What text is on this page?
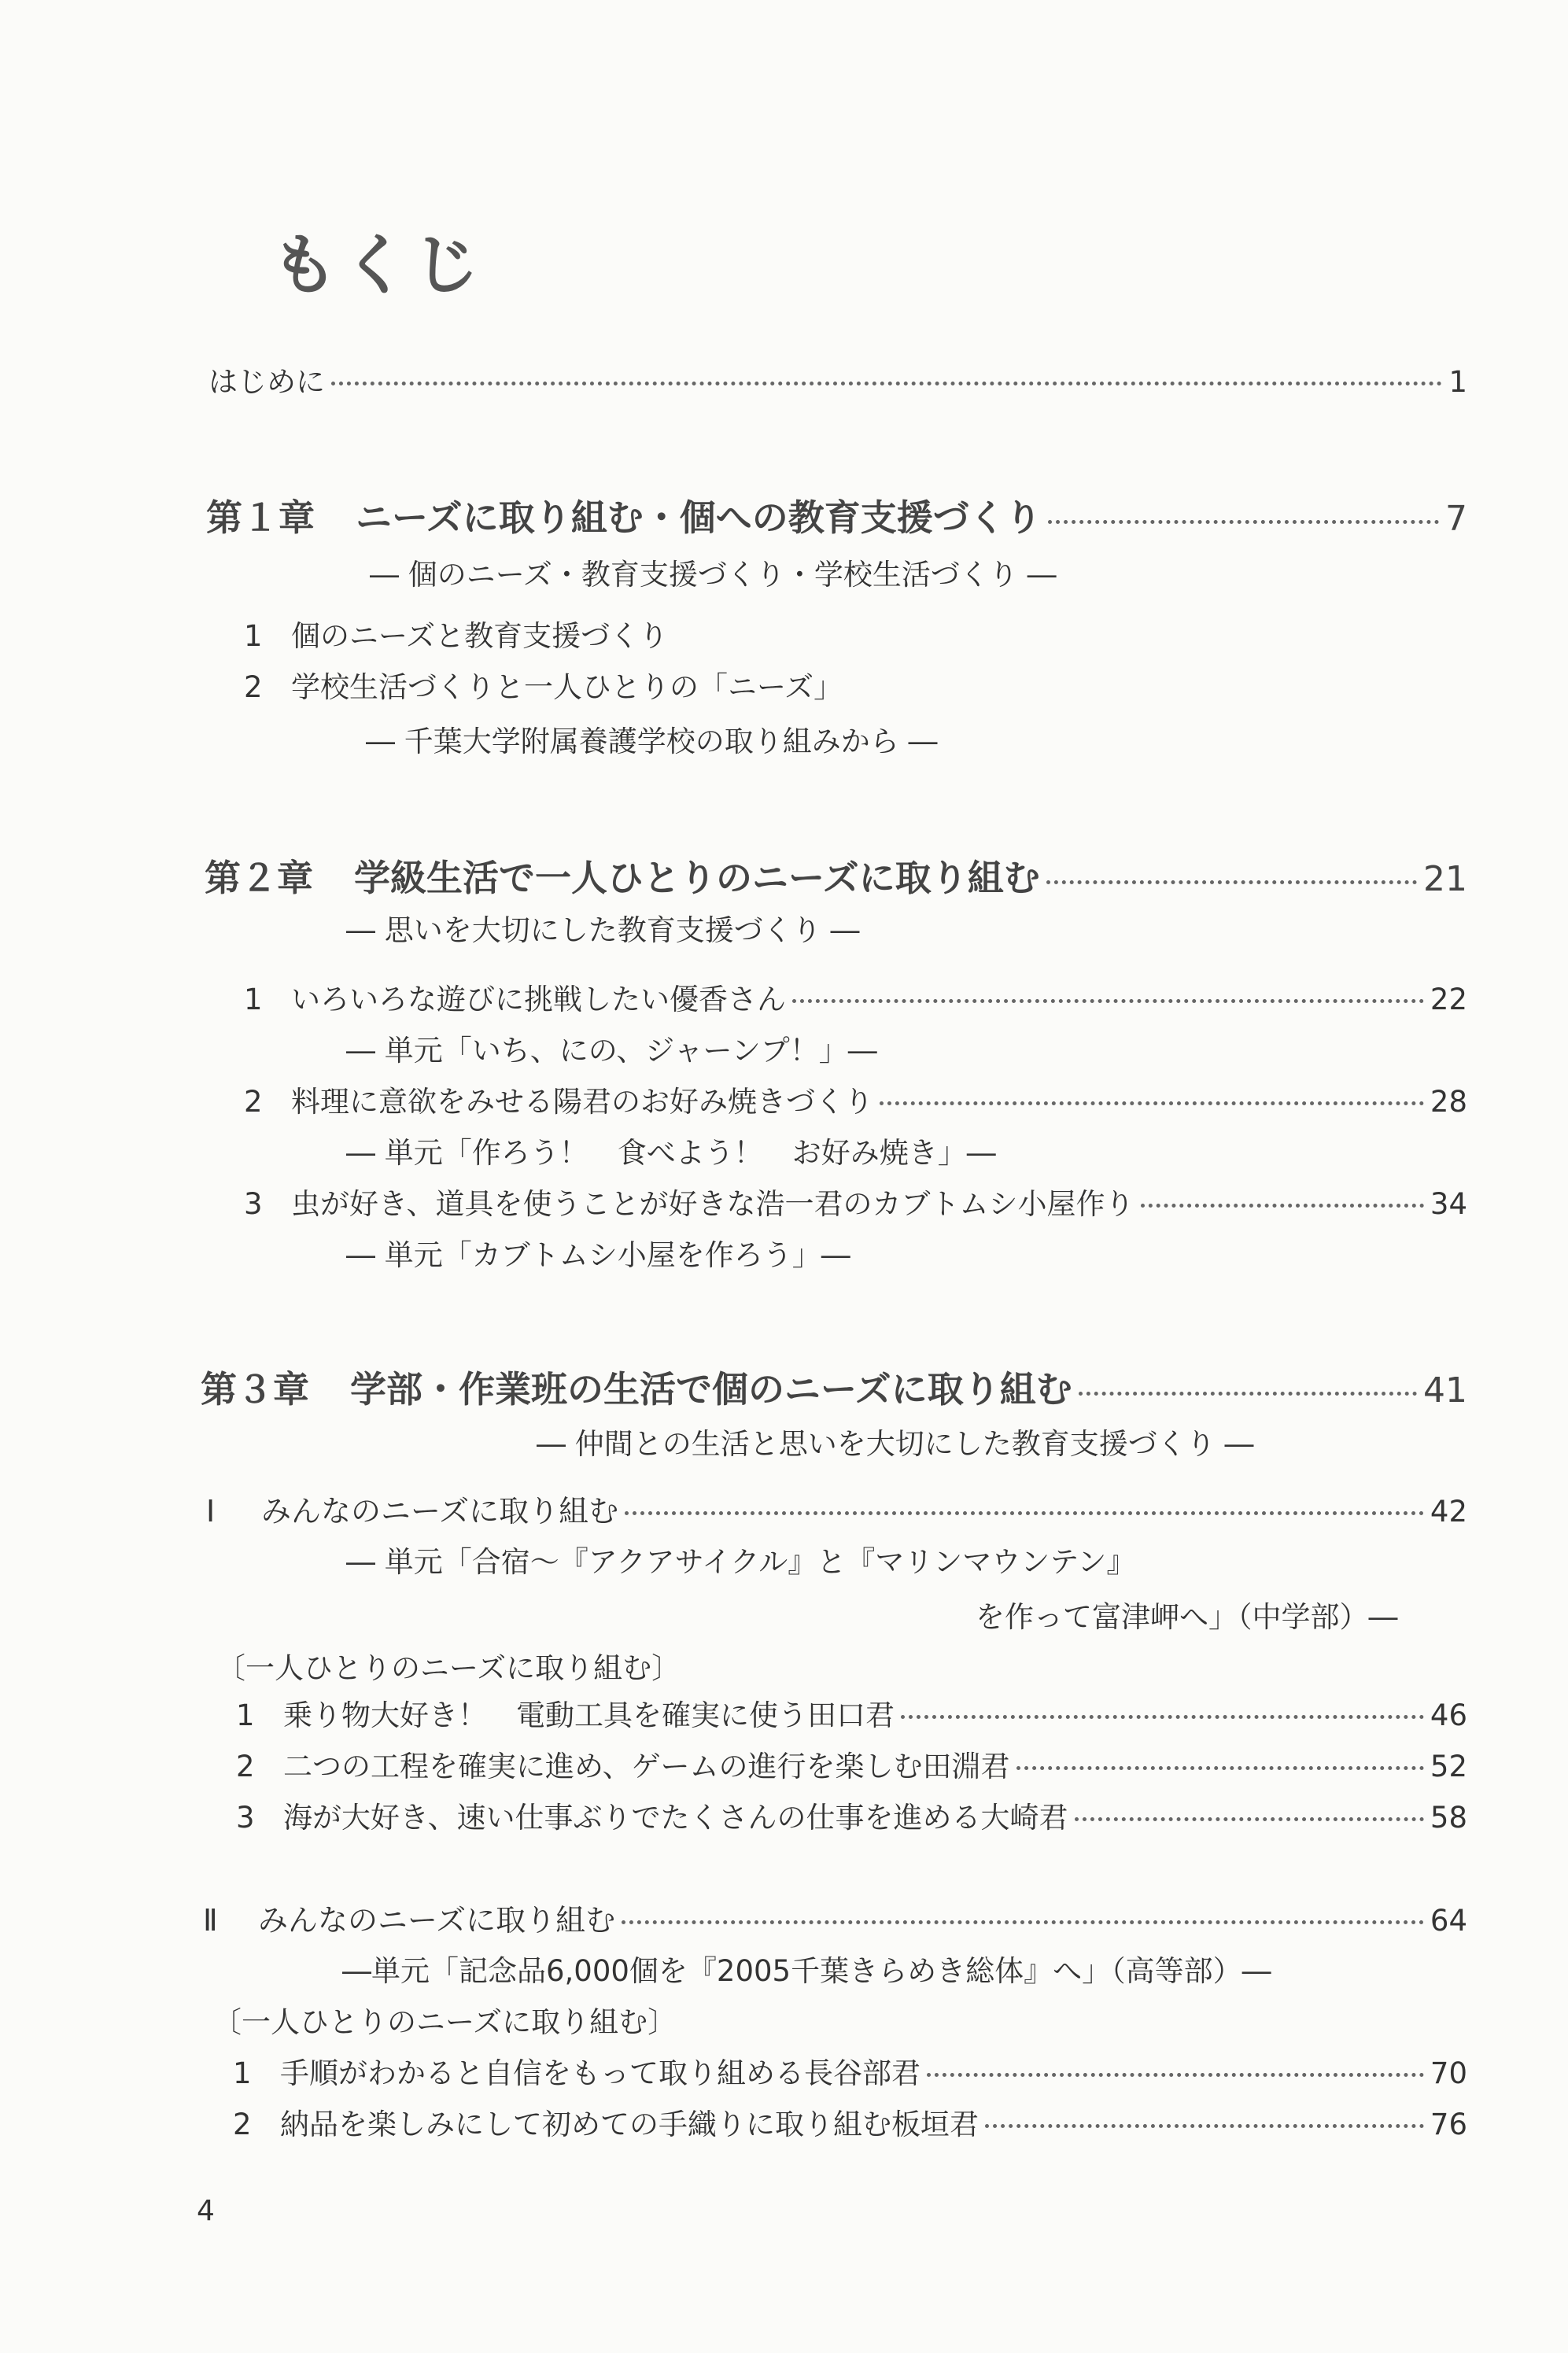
もくじ
はじめに	1
第１章	ニーズに取り組む・個への教育支援づくり	7
― 個のニーズ・教育支援づくり・学校生活づくり ―
1 個のニーズと教育支援づくり
2 学校生活づくりと一人ひとりの「ニーズ」
― 千葉大学附属養護学校の取り組みから ―
第２章	学級生活で一人ひとりのニーズに取り組む	21
― 思いを大切にした教育支援づくり ―
1 いろいろな遊びに挑戦したい優香さん	22
― 単元「いち、にの、ジャーンプ！」―
2 料理に意欲をみせる陽君のお好み焼きづくり	28
― 単元「作ろう！　食べよう！　お好み焼き」―
3 虫が好き、道具を使うことが好きな浩一君のカブトムシ小屋作り	34
― 単元「カブトムシ小屋を作ろう」―
第３章	学部・作業班の生活で個のニーズに取り組む	41
― 仲間との生活と思いを大切にした教育支援づくり ―
Ⅰ	みんなのニーズに取り組む	42
― 単元「合宿～『アクアサイクル』と『マリンマウンテン』
を作って富津岬へ」（中学部）―
〔一人ひとりのニーズに取り組む〕
1 乗り物大好き！　電動工具を確実に使う田口君	46
2 二つの工程を確実に進め、ゲームの進行を楽しむ田淵君	52
3 海が大好き、速い仕事ぶりでたくさんの仕事を進める大崎君	58
Ⅱ	みんなのニーズに取り組む	64
―単元「記念品6,000個を『2005千葉きらめき総体』へ」（高等部）―
〔一人ひとりのニーズに取り組む〕
1 手順がわかると自信をもって取り組める長谷部君	70
2 納品を楽しみにして初めての手織りに取り組む板垣君	76
4
